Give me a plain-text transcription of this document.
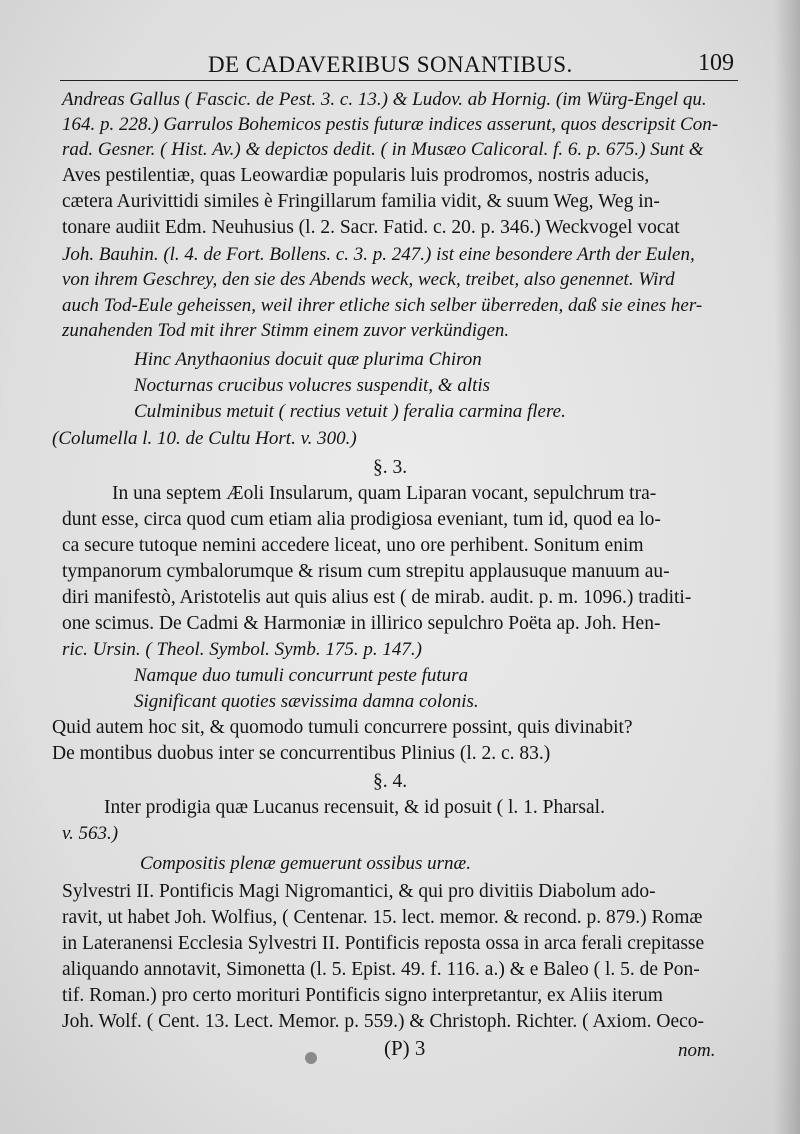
DE CADAVERIBUS SONANTIBUS.	109
Andreas Gallus ( Fascic. de Pest. 3. c. 13.) & Ludov. ab Hornig. (im Würg-Engel qu.
164. p. 228.) Garrulos Bohemicos pestis futuræ indices asserunt, quos descripsit Con-
rad. Gesner. ( Hist. Av.) & depictos dedit. ( in Musæo Calicoral. f. 6. p. 675.) Sunt &
Aves pestilentiæ, quas Leowardiæ popularis luis prodromos, nostris aducis,
cætera Aurivittidi similes è Fringillarum familia vidit, & suum Weg, Weg in-
tonare audiit Edm. Neuhusius (l. 2. Sacr. Fatid. c. 20. p. 346.) Weckvogel vocat
Joh. Bauhin. (l. 4. de Fort. Bollens. c. 3. p. 247.) ist eine besondere Arth der Eulen,
von ihrem Geschrey, den sie des Abends weck, weck, treibet, also genennet. Wird
auch Tod-Eule geheissen, weil ihrer etliche sich selber überreden, daß sie eines her-
zunahenden Tod mit ihrer Stimm einem zuvor verkündigen.
Hinc Anythaonius docuit quæ plurima Chiron
Nocturnas crucibus volucres suspendit, & altis
Culminibus metuit ( rectius vetuit ) feralia carmina flere.
(Columella l. 10. de Cultu Hort. v. 300.)
§. 3.
In una septem Æoli Insularum, quam Liparan vocant, sepulchrum tra-
dunt esse, circa quod cum etiam alia prodigiosa eveniant, tum id, quod ea lo-
ca secure tutoque nemini accedere liceat, uno ore perhibent. Sonitum enim
tympanorum cymbalorumque & risum cum strepitu applausuque manuum au-
diri manifestò, Aristotelis aut quis alius est ( de mirab. audit. p. m. 1096.) traditi-
one scimus. De Cadmi & Harmoniæ in illirico sepulchro Poëta ap. Joh. Hen-
ric. Ursin. ( Theol. Symbol. Symb. 175. p. 147.)
Namque duo tumuli concurrunt peste futura
Significant quoties sævissima damna colonis.
Quid autem hoc sit, & quomodo tumuli concurrere possint, quis divinabit?
De montibus duobus inter se concurrentibus Plinius (l. 2. c. 83.)
§. 4.
Inter prodigia quæ Lucanus recensuit, & id posuit ( l. 1. Pharsal.
v. 563.)
Compositis plenæ gemuerunt ossibus urnæ.
Sylvestri II. Pontificis Magi Nigromantici, & qui pro divitiis Diabolum ado-
ravit, ut habet Joh. Wolfius, ( Centenar. 15. lect. memor. & recond. p. 879.) Romæ
in Lateranensi Ecclesia Sylvestri II. Pontificis reposta ossa in arca ferali crepitasse
aliquando annotavit, Simonetta (l. 5. Epist. 49. f. 116. a.) & e Baleo ( l. 5. de Pon-
tif. Roman.) pro certo morituri Pontificis signo interpretantur, ex Aliis iterum
Joh. Wolf. ( Cent. 13. Lect. Memor. p. 559.) & Christoph. Richter. ( Axiom. Oeco-
(P) 3	nom.
